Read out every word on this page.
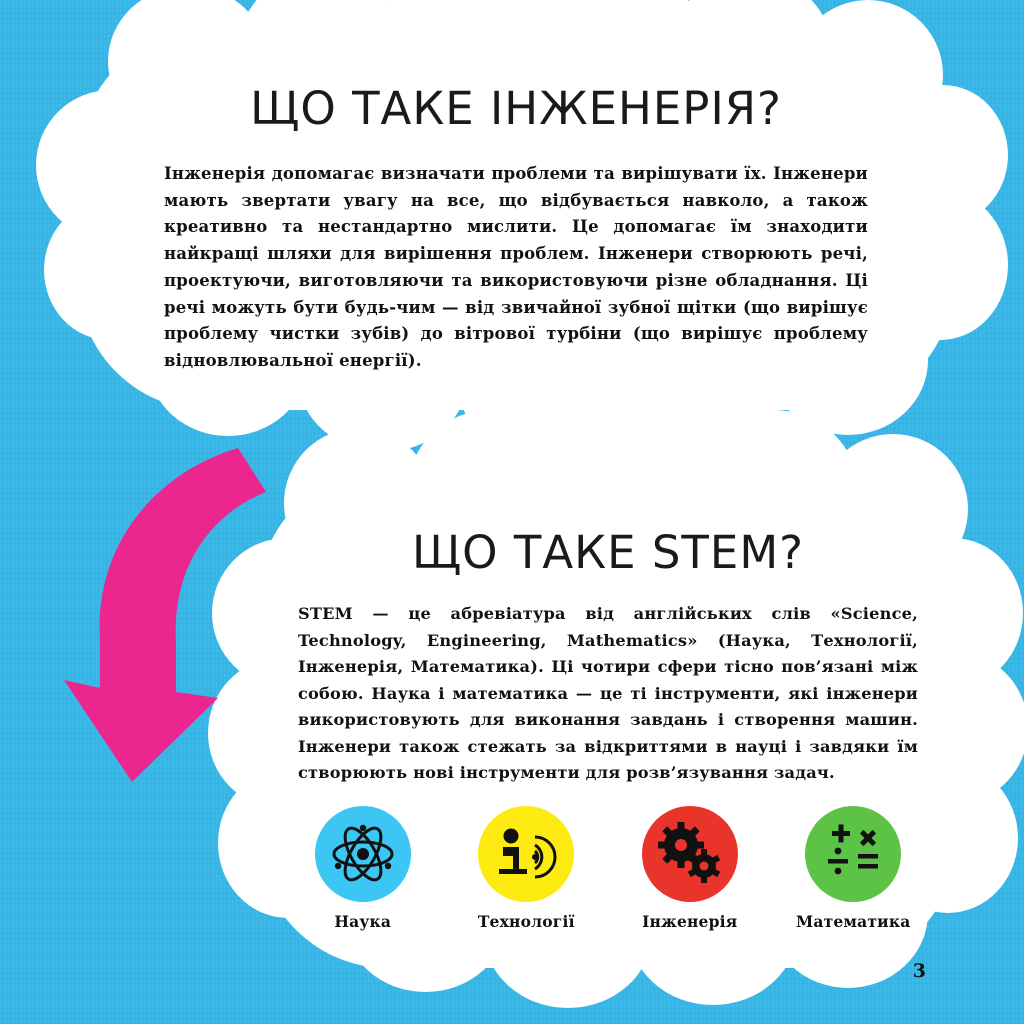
ЩО ТАКЕ ІНЖЕНЕРІЯ?

Інженерія допомагає визначати проблеми та вирішувати їх. Інженери мають звертати увагу на все, що відбувається навколо, а також креативно та нестандартно мислити. Це допомагає їм знаходити найкращі шляхи для вирішення проблем. Інженери створюють речі, проектуючи, виготовляючи та використовуючи різне обладнання. Ці речі можуть бути будь-чим — від звичайної зубної щітки (що вирішує проблему чистки зубів) до вітрової турбіни (що вирішує проблему відновлювальної енергії).

ЩО ТАКЕ STEM?

STEM — це абревіатура від англійських слів «Science, Technology, Engineering, Mathematics» (Наука, Технології, Інженерія, Математика). Ці чотири сфери тісно пов’язані між собою. Наука і математика — це ті інструменти, які інженери використовують для виконання завдань і створення машин. Інженери також стежать за відкриттями в науці і завдяки їм створюють нові інструменти для розв’язування задач.

Наука	Технології	Інженерія	Математика
3
